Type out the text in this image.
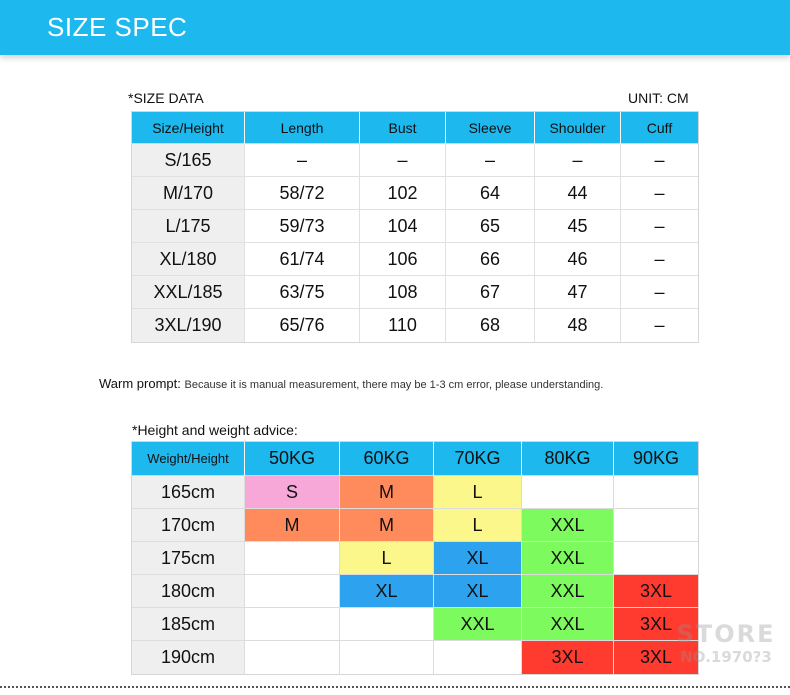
SIZE SPEC
*SIZE DATA	UNIT: CM
Size/Height	Length	Bust	Sleeve	Shoulder	Cuff
S/165	–	–	–	–	–
M/170	58/72	102	64	44	–
L/175	59/73	104	65	45	–
XL/180	61/74	106	66	46	–
XXL/185	63/75	108	67	47	–
3XL/190	65/76	110	68	48	–
Warm prompt: Because it is manual measurement, there may be 1-3 cm error, please understanding.
*Height and weight advice:
Weight/Height	50KG	60KG	70KG	80KG	90KG
165cm	S	M	L		
170cm	M	M	L	XXL	
175cm		L	XL	XXL	
180cm		XL	XL	XXL	3XL
185cm			XXL	XXL	3XL
190cm				3XL	3XL
STORE
NO.1970?3
